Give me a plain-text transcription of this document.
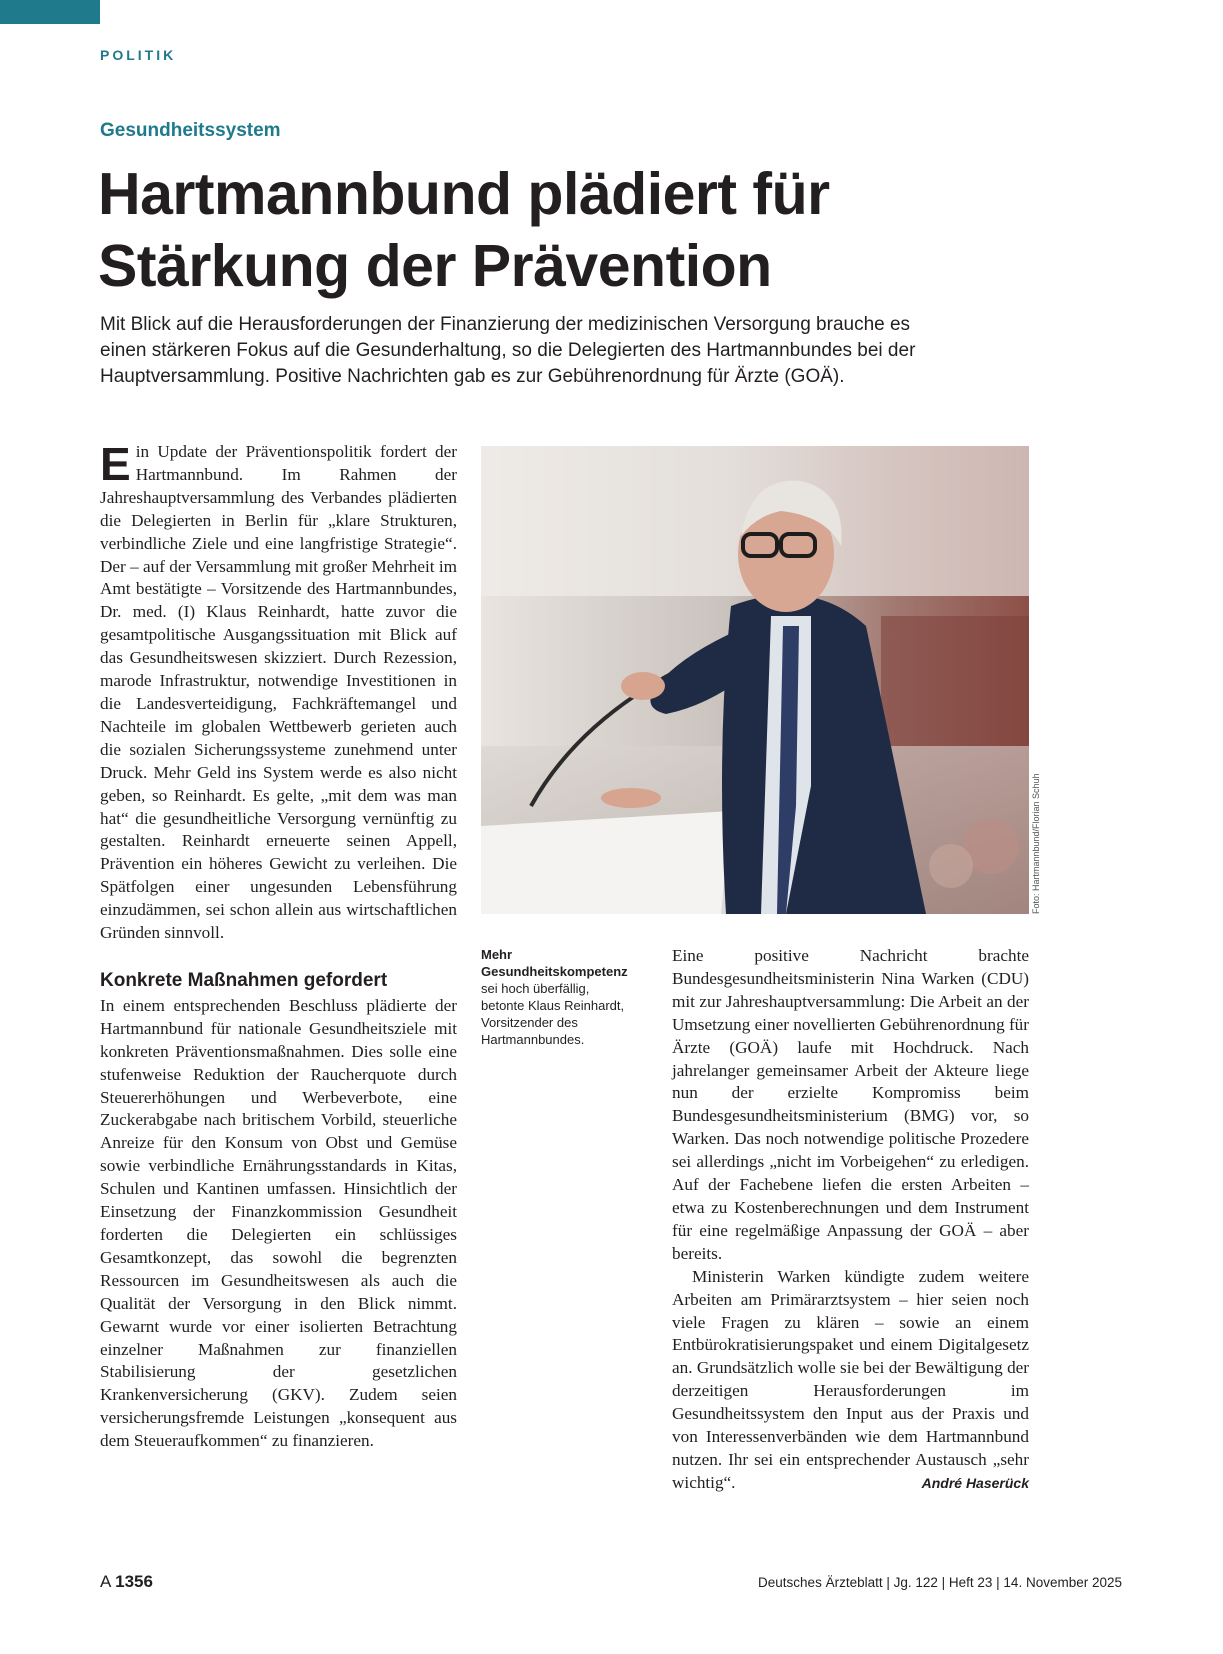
POLITIK
Gesundheitssystem
Hartmannbund plädiert für
Stärkung der Prävention

Mit Blick auf die Herausforderungen der Finanzierung der medizinischen Versorgung brauche es einen stärkeren Fokus auf die Gesunderhaltung, so die Delegierten des Hartmannbundes bei der Hauptversammlung. Positive Nachrichten gab es zur Gebührenordnung für Ärzte (GOÄ).

Ein Update der Präventionspolitik fordert der Hartmannbund. Im Rahmen der Jahreshauptversammlung des Verbandes plädierten die Delegierten in Berlin für „klare Strukturen, verbindliche Ziele und eine langfristige Strategie“. Der – auf der Versammlung mit großer Mehrheit im Amt bestätigte – Vorsitzende des Hartmannbundes, Dr. med. (I) Klaus Reinhardt, hatte zuvor die gesamtpolitische Ausgangssituation mit Blick auf das Gesundheitswesen skizziert. Durch Rezession, marode Infrastruktur, notwendige Investitionen in die Landesverteidigung, Fachkräftemangel und Nachteile im globalen Wettbewerb gerieten auch die sozialen Sicherungssysteme zunehmend unter Druck. Mehr Geld ins System werde es also nicht geben, so Reinhardt. Es gelte, „mit dem was man hat“ die gesundheitliche Versorgung vernünftig zu gestalten. Reinhardt erneuerte seinen Appell, Prävention ein höheres Gewicht zu verleihen. Die Spätfolgen einer ungesunden Lebensführung einzudämmen, sei schon allein aus wirtschaftlichen Gründen sinnvoll.

Konkrete Maßnahmen gefordert

In einem entsprechenden Beschluss plädierte der Hartmannbund für nationale Gesundheitsziele mit konkreten Präventionsmaßnahmen. Dies solle eine stufenweise Reduktion der Raucherquote durch Steuererhöhungen und Werbeverbote, eine Zuckerabgabe nach britischem Vorbild, steuerliche Anreize für den Konsum von Obst und Gemüse sowie verbindliche Ernährungsstandards in Kitas, Schulen und Kantinen umfassen. Hinsichtlich der Einsetzung der Finanzkommission Gesundheit forderten die Delegierten ein schlüssiges Gesamtkonzept, das sowohl die begrenzten Ressourcen im Gesundheitswesen als auch die Qualität der Versorgung in den Blick nimmt. Gewarnt wurde vor einer isolierten Betrachtung einzelner Maßnahmen zur finanziellen Stabilisierung der gesetzlichen Krankenversicherung (GKV). Zudem seien versicherungsfremde Leistungen „konsequent aus dem Steueraufkommen“ zu finanzieren.

Foto: Hartmannbund/Florian Schuh
Mehr Gesundheitskompetenz sei hoch überfällig, betonte Klaus Reinhardt, Vorsitzender des Hartmannbundes.

Eine positive Nachricht brachte Bundesgesundheitsministerin Nina Warken (CDU) mit zur Jahreshauptversammlung: Die Arbeit an der Umsetzung einer novellierten Gebührenordnung für Ärzte (GOÄ) laufe mit Hochdruck. Nach jahrelanger gemeinsamer Arbeit der Akteure liege nun der erzielte Kompromiss beim Bundesgesundheitsministerium (BMG) vor, so Warken. Das noch notwendige politische Prozedere sei allerdings „nicht im Vorbeigehen“ zu erledigen. Auf der Fachebene liefen die ersten Arbeiten – etwa zu Kostenberechnungen und dem Instrument für eine regelmäßige Anpassung der GOÄ – aber bereits.

Ministerin Warken kündigte zudem weitere Arbeiten am Primärarztsystem – hier seien noch viele Fragen zu klären – sowie an einem Entbürokratisierungspaket und einem Digitalgesetz an. Grundsätzlich wolle sie bei der Bewältigung der derzeitigen Herausforderungen im Gesundheitssystem den Input aus der Praxis und von Interessenverbänden wie dem Hartmannbund nutzen. Ihr sei ein entsprechender Austausch „sehr wichtig“.	André Haserück

A 1356	Deutsches Ärzteblatt | Jg. 122 | Heft 23 | 14. November 2025
